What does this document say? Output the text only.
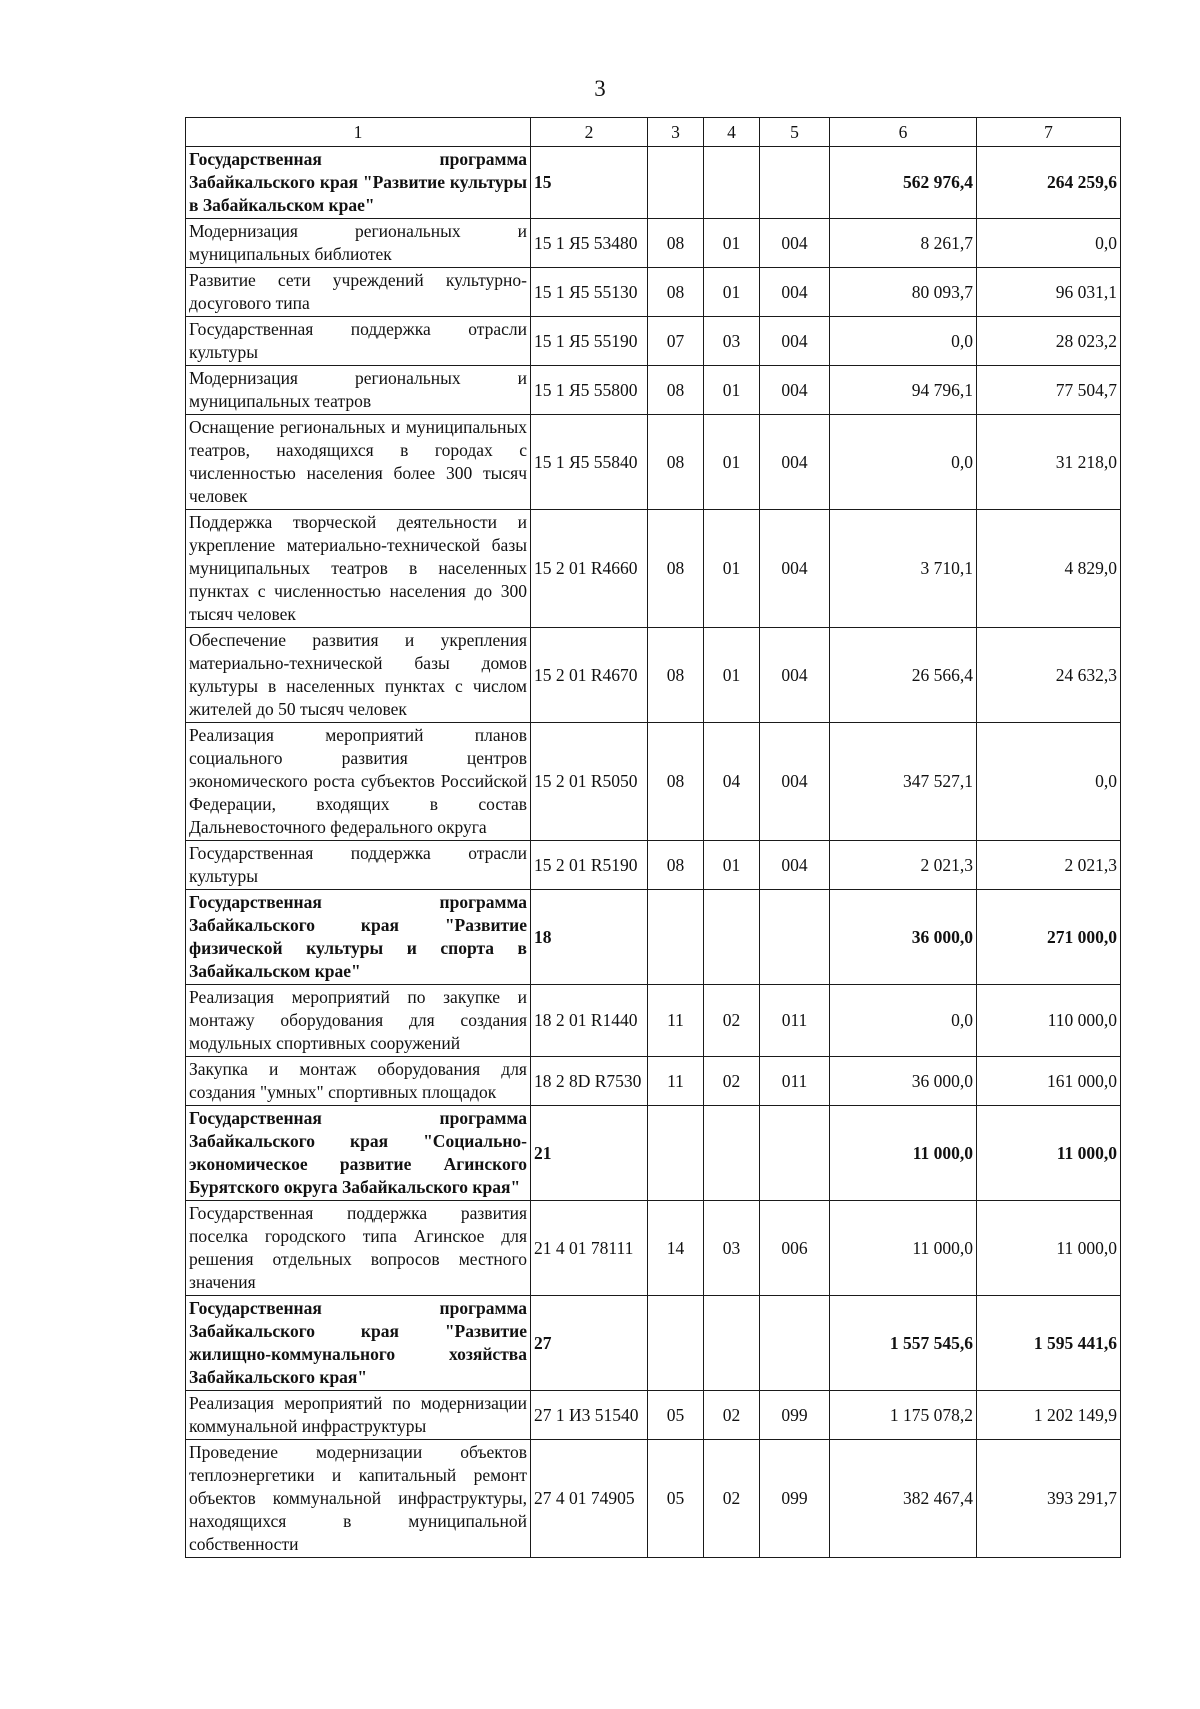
3
1	2	3	4	5	6	7
Государственная программа Забайкальского края "Развитие культуры в Забайкальском крае"	15				562 976,4	264 259,6
Модернизация региональных и муниципальных библиотек	15 1 Я5 53480	08	01	004	8 261,7	0,0
Развитие сети учреждений культурно-досугового типа	15 1 Я5 55130	08	01	004	80 093,7	96 031,1
Государственная поддержка отрасли культуры	15 1 Я5 55190	07	03	004	0,0	28 023,2
Модернизация региональных и муниципальных театров	15 1 Я5 55800	08	01	004	94 796,1	77 504,7
Оснащение региональных и муниципальных театров, находящихся в городах с численностью населения более 300 тысяч человек	15 1 Я5 55840	08	01	004	0,0	31 218,0
Поддержка творческой деятельности и укрепление материально-технической базы муниципальных театров в населенных пунктах с численностью населения до 300 тысяч человек	15 2 01 R4660	08	01	004	3 710,1	4 829,0
Обеспечение развития и укрепления материально-технической базы домов культуры в населенных пунктах с числом жителей до 50 тысяч человек	15 2 01 R4670	08	01	004	26 566,4	24 632,3
Реализация мероприятий планов социального развития центров экономического роста субъектов Российской Федерации, входящих в состав Дальневосточного федерального округа	15 2 01 R5050	08	04	004	347 527,1	0,0
Государственная поддержка отрасли культуры	15 2 01 R5190	08	01	004	2 021,3	2 021,3
Государственная программа Забайкальского края "Развитие физической культуры и спорта в Забайкальском крае"	18				36 000,0	271 000,0
Реализация мероприятий по закупке и монтажу оборудования для создания модульных спортивных сооружений	18 2 01 R1440	11	02	011	0,0	110 000,0
Закупка и монтаж оборудования для создания "умных" спортивных площадок	18 2 8D R7530	11	02	011	36 000,0	161 000,0
Государственная программа Забайкальского края "Социально-экономическое развитие Агинского Бурятского округа Забайкальского края"	21				11 000,0	11 000,0
Государственная поддержка развития поселка городского типа Агинское для решения отдельных вопросов местного значения	21 4 01 78111	14	03	006	11 000,0	11 000,0
Государственная программа Забайкальского края "Развитие жилищно-коммунального хозяйства Забайкальского края"	27				1 557 545,6	1 595 441,6
Реализация мероприятий по модернизации коммунальной инфраструктуры	27 1 И3 51540	05	02	099	1 175 078,2	1 202 149,9
Проведение модернизации объектов теплоэнергетики и капитальный ремонт объектов коммунальной инфраструктуры, находящихся в муниципальной собственности	27 4 01 74905	05	02	099	382 467,4	393 291,7
